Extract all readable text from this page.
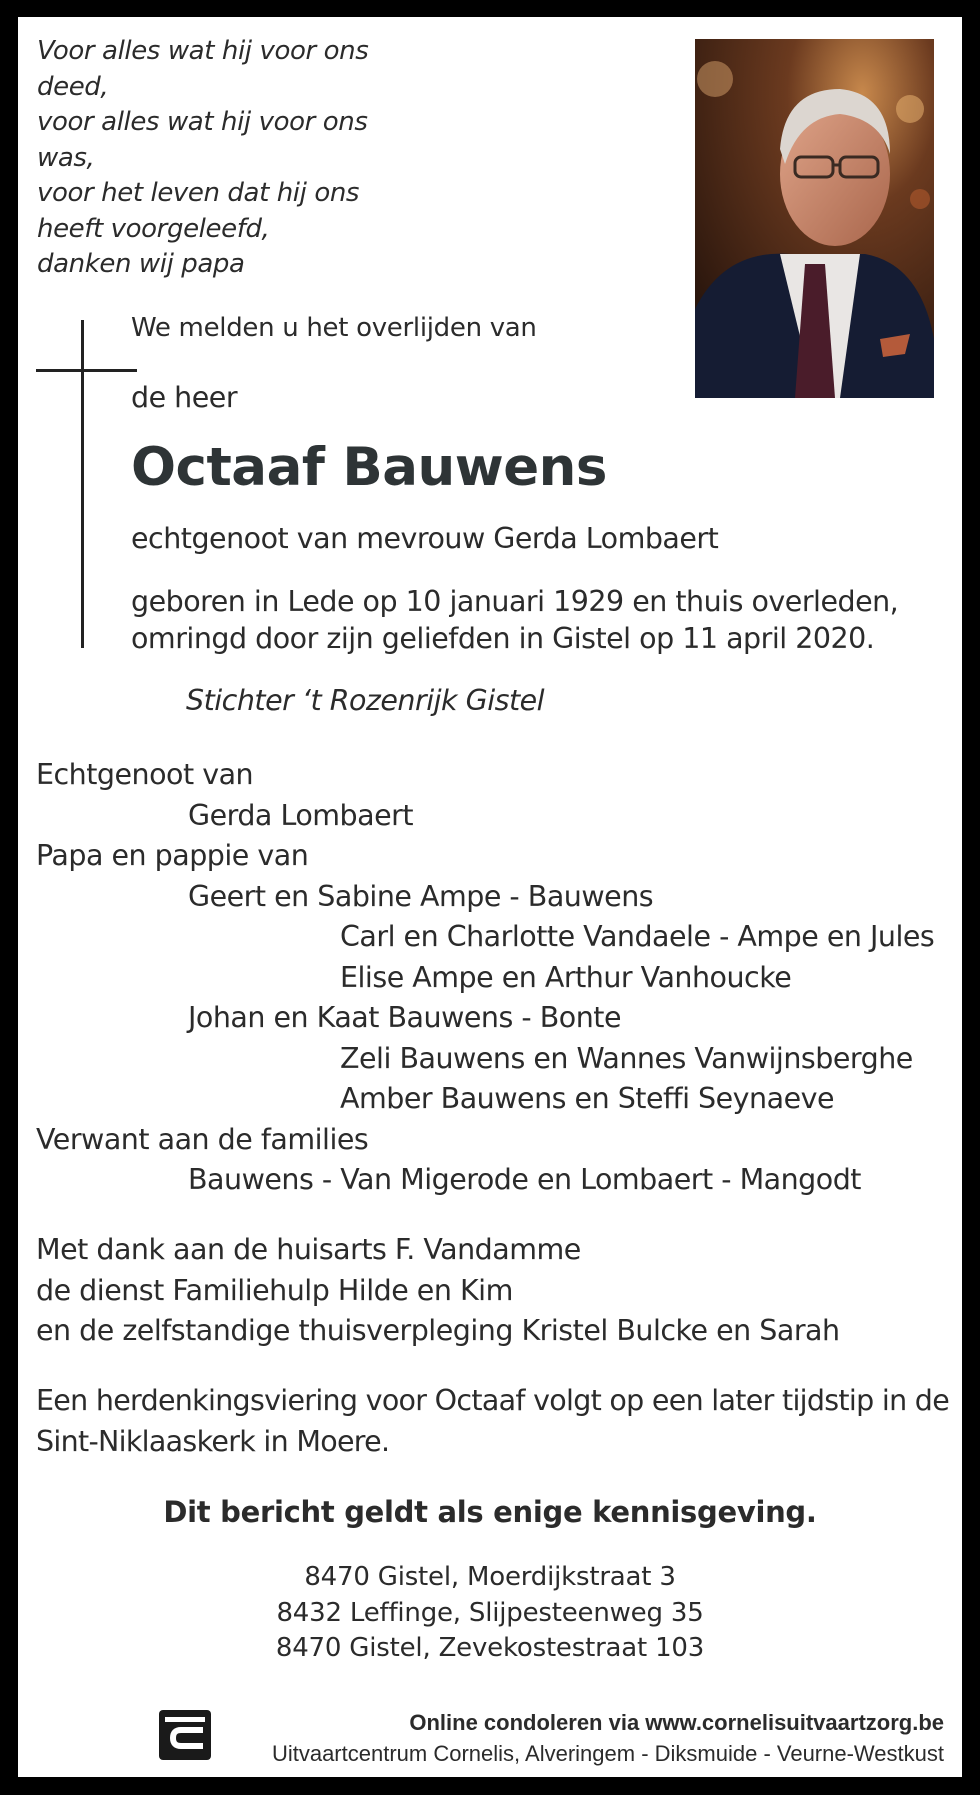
Voor alles wat hij voor ons
deed,
voor alles wat hij voor ons
was,
voor het leven dat hij ons
heeft voorgeleefd,
danken wij papa
We melden u het overlijden van
de heer
Octaaf Bauwens
echtgenoot van mevrouw Gerda Lombaert
geboren in Lede op 10 januari 1929 en thuis overleden,
omringd door zijn geliefden in Gistel op 11 april 2020.
Stichter ‘t Rozenrijk Gistel
Echtgenoot van
Gerda Lombaert
Papa en pappie van
Geert en Sabine Ampe - Bauwens
Carl en Charlotte Vandaele - Ampe en Jules
Elise Ampe en Arthur Vanhoucke
Johan en Kaat Bauwens - Bonte
Zeli Bauwens en Wannes Vanwijnsberghe
Amber Bauwens en Steffi Seynaeve
Verwant aan de families
Bauwens - Van Migerode en Lombaert - Mangodt
Met dank aan de huisarts F. Vandamme
de dienst Familiehulp Hilde en Kim
en de zelfstandige thuisverpleging Kristel Bulcke en Sarah
Een herdenkingsviering voor Octaaf volgt op een later tijdstip in de
Sint-Niklaaskerk in Moere.
Dit bericht geldt als enige kennisgeving.
8470 Gistel, Moerdijkstraat 3
8432 Leffinge, Slijpesteenweg 35
8470 Gistel, Zevekostestraat 103
Online condoleren via www.cornelisuitvaartzorg.be
Uitvaartcentrum Cornelis, Alveringem - Diksmuide - Veurne-Westkust
